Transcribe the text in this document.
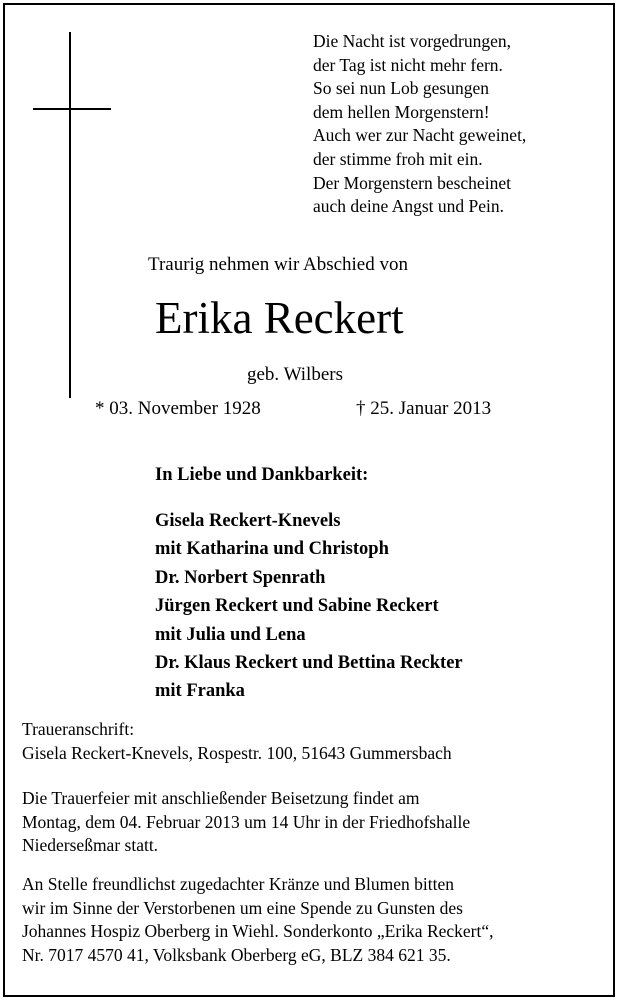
Die Nacht ist vorgedrungen,
der Tag ist nicht mehr fern.
So sei nun Lob gesungen
dem hellen Morgenstern!
Auch wer zur Nacht geweinet,
der stimme froh mit ein.
Der Morgenstern bescheinet
auch deine Angst und Pein.
Traurig nehmen wir Abschied von
Erika Reckert
geb. Wilbers
* 03. November 1928	† 25. Januar 2013
In Liebe und Dankbarkeit:
Gisela Reckert-Knevels
mit Katharina und Christoph
Dr. Norbert Spenrath
Jürgen Reckert und Sabine Reckert
mit Julia und Lena
Dr. Klaus Reckert und Bettina Reckter
mit Franka
Traueranschrift:
Gisela Reckert-Knevels, Rospestr. 100, 51643 Gummersbach
Die Trauerfeier mit anschließender Beisetzung findet am
Montag, dem 04. Februar 2013 um 14 Uhr in der Friedhofshalle
Niederseßmar statt.
An Stelle freundlichst zugedachter Kränze und Blumen bitten
wir im Sinne der Verstorbenen um eine Spende zu Gunsten des
Johannes Hospiz Oberberg in Wiehl. Sonderkonto „Erika Reckert“,
Nr. 7017 4570 41, Volksbank Oberberg eG, BLZ 384 621 35.
